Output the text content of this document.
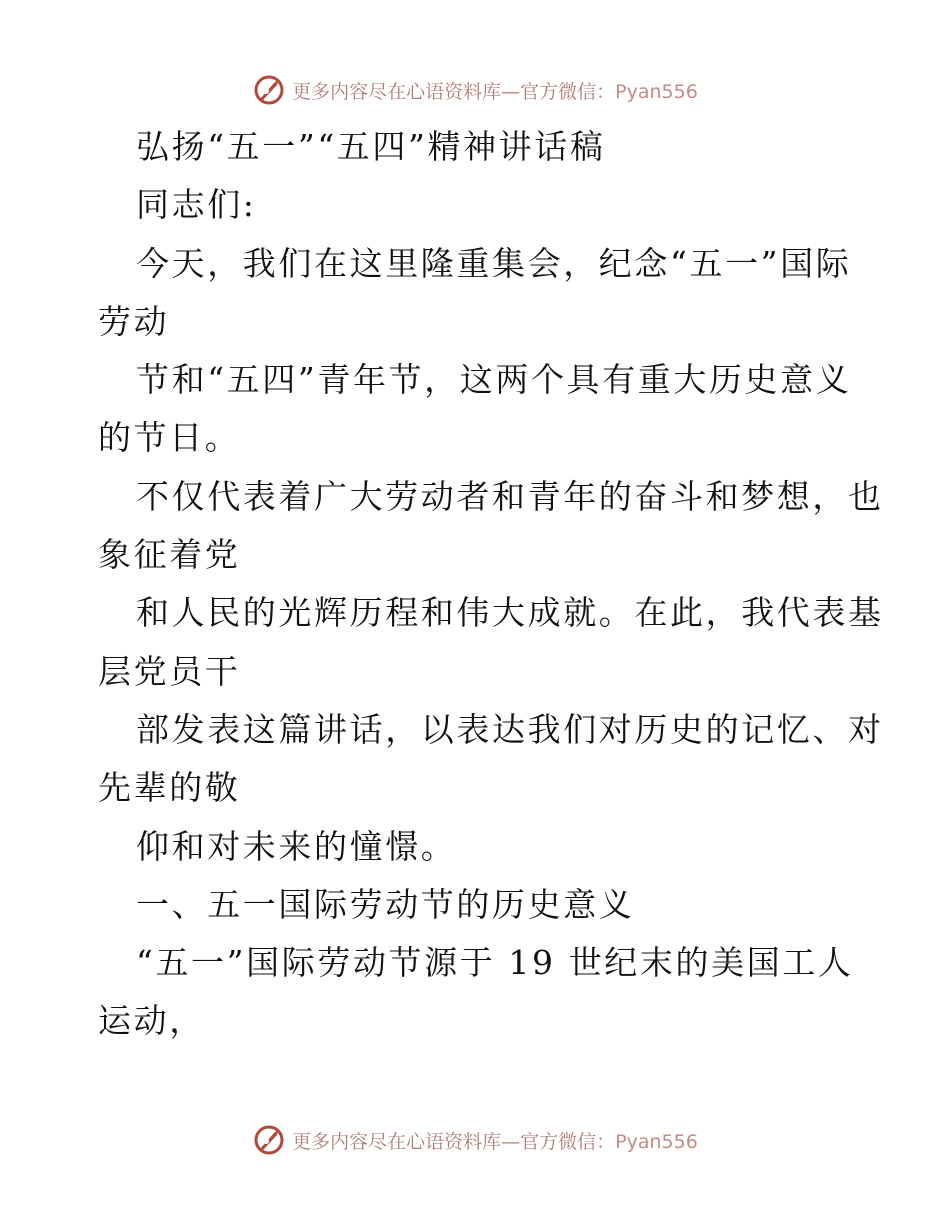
更多内容尽在心语资料库—官方微信：Pyan556
弘扬“五一”“五四”精神讲话稿
同志们:
今天，我们在这里隆重集会，纪念“五一”国际
劳动
节和“五四”青年节，这两个具有重大历史意义
的节日。
不仅代表着广大劳动者和青年的奋斗和梦想，也
象征着党
和人民的光辉历程和伟大成就。在此，我代表基
层党员干
部发表这篇讲话，以表达我们对历史的记忆、对
先辈的敬
仰和对未来的憧憬。
一、五一国际劳动节的历史意义
“五一”国际劳动节源于 19 世纪末的美国工人
运动，
更多内容尽在心语资料库—官方微信：Pyan556
